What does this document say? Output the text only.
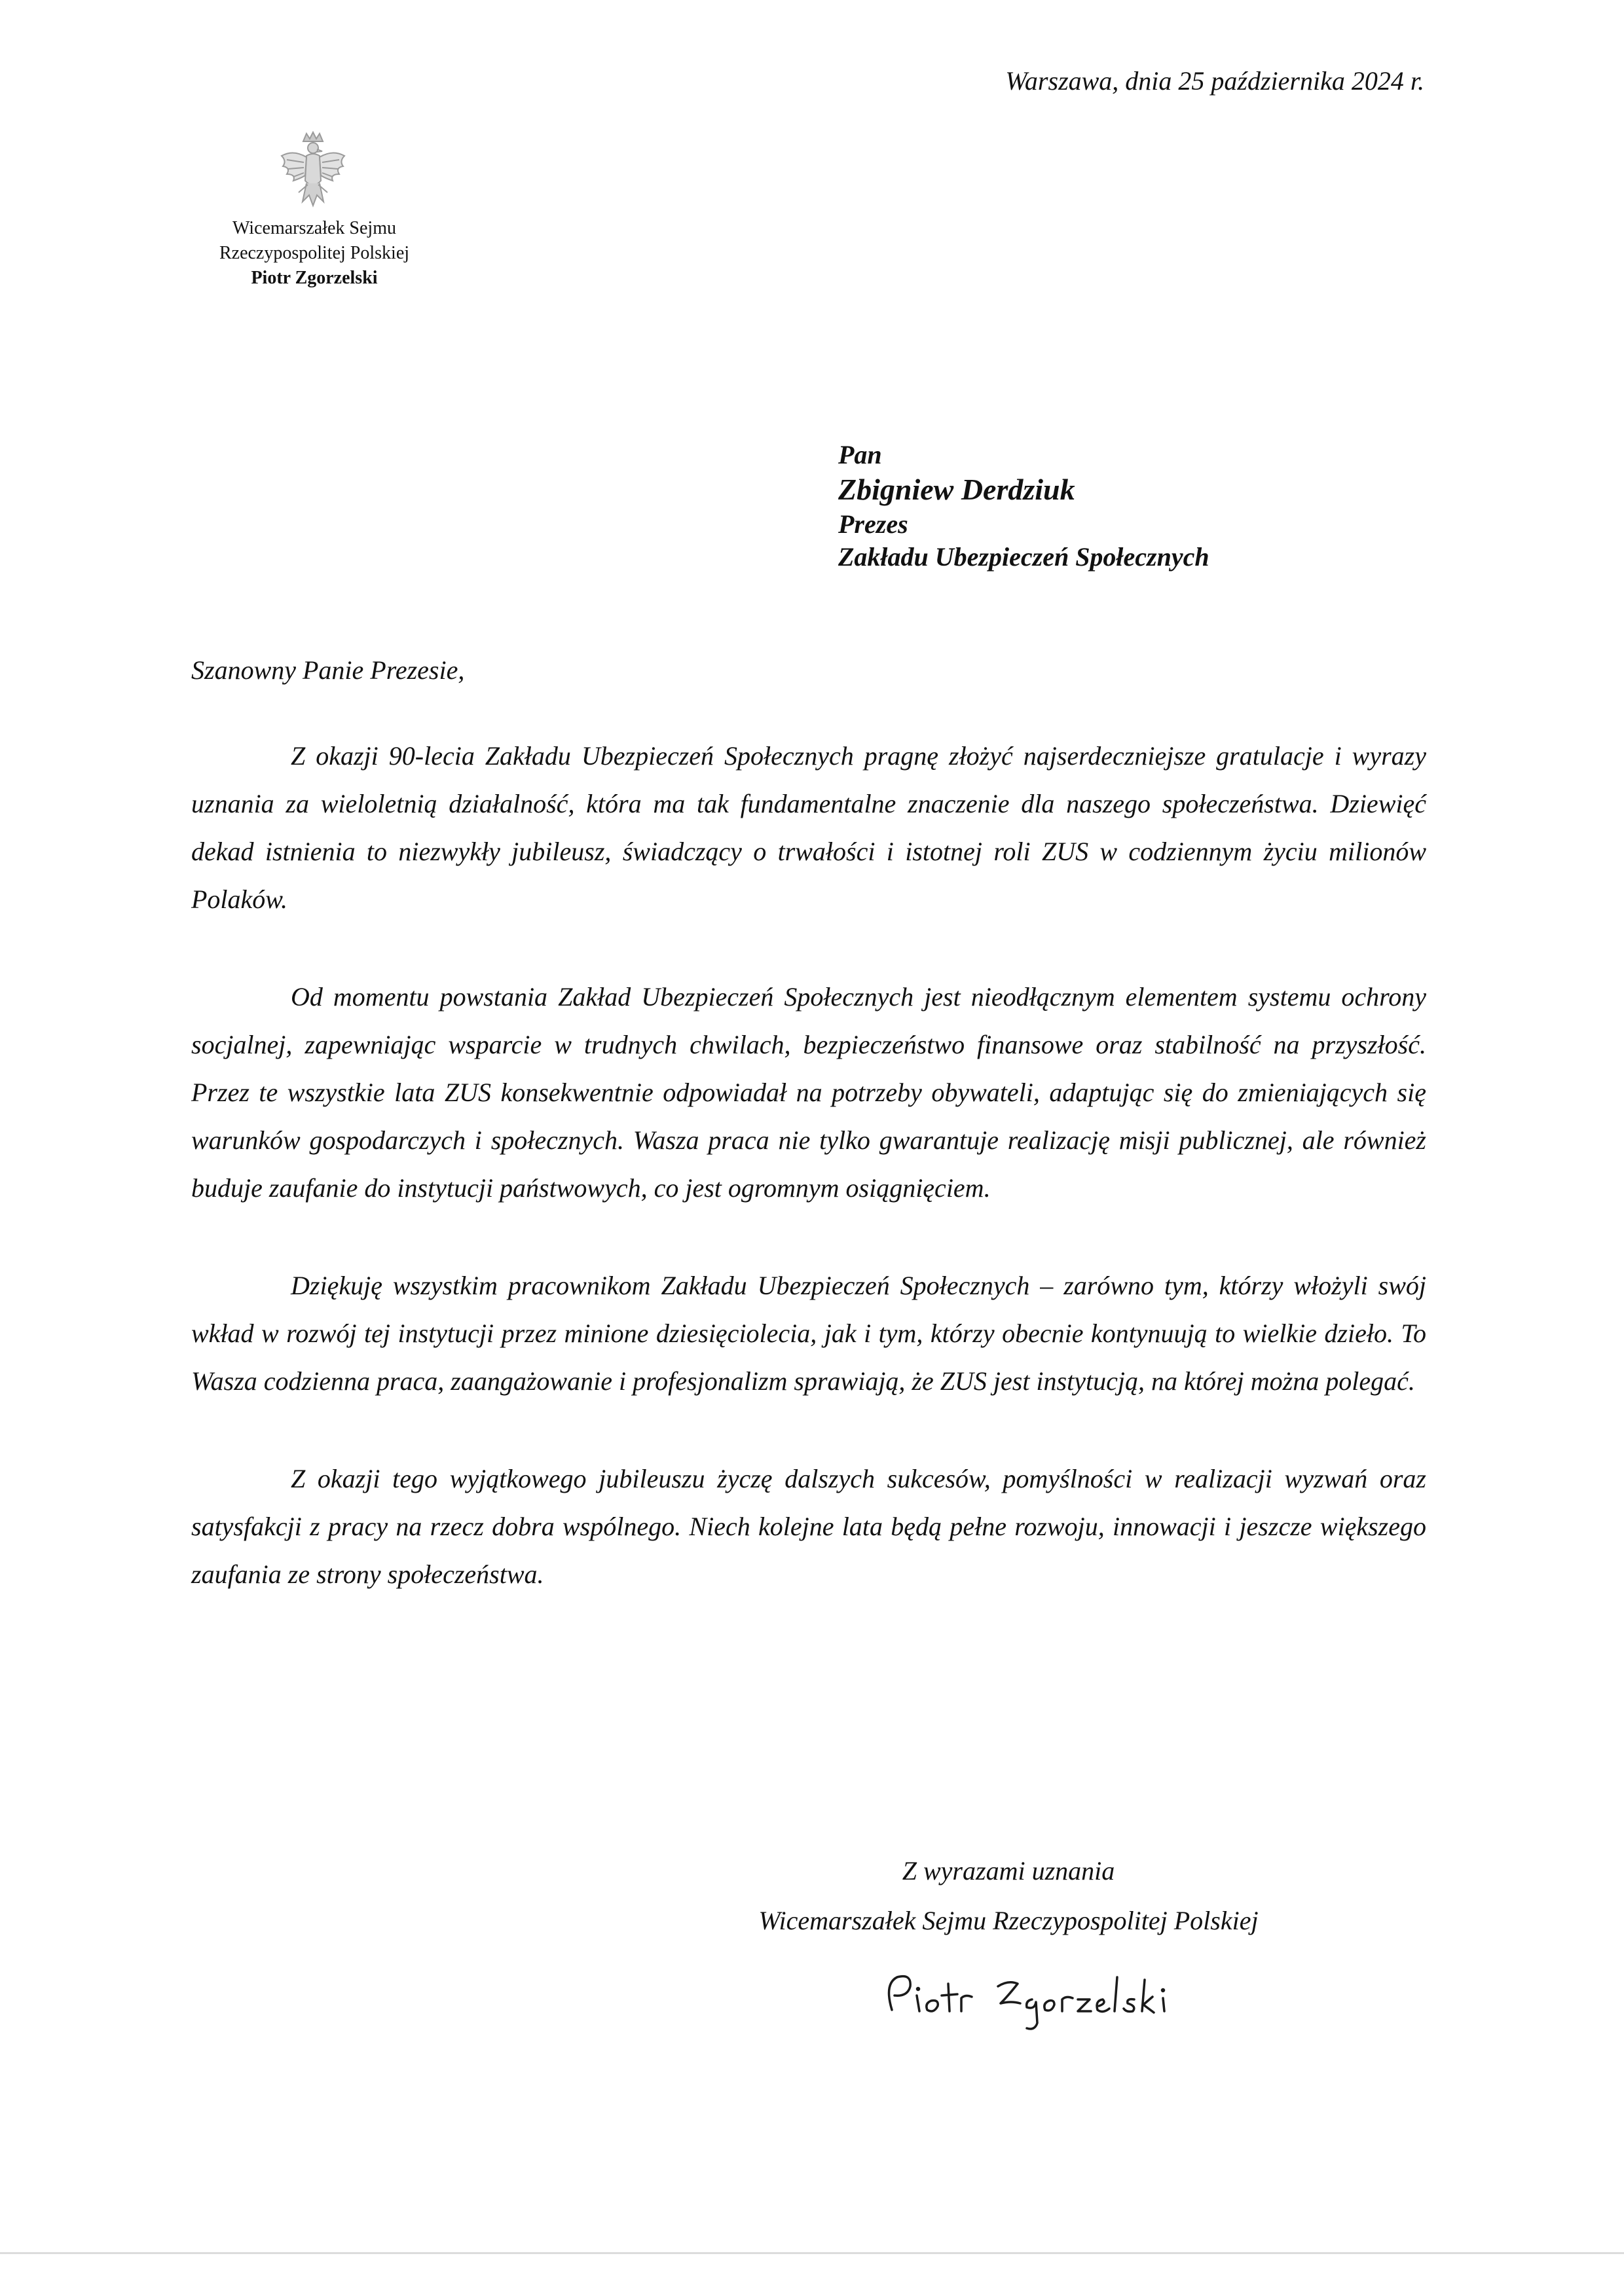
Warszawa, dnia 25 października 2024 r.
Wicemarszałek Sejmu
Rzeczypospolitej Polskiej
Piotr Zgorzelski
Pan
Zbigniew Derdziuk
Prezes
Zakładu Ubezpieczeń Społecznych
Szanowny Panie Prezesie,

Z okazji 90-lecia Zakładu Ubezpieczeń Społecznych pragnę złożyć najserdeczniejsze gratulacje i wyrazy uznania za wieloletnią działalność, która ma tak fundamentalne znaczenie dla naszego społeczeństwa. Dziewięć dekad istnienia to niezwykły jubileusz, świadczący o trwałości i istotnej roli ZUS w codziennym życiu milionów Polaków.

Od momentu powstania Zakład Ubezpieczeń Społecznych jest nieodłącznym elementem systemu ochrony socjalnej, zapewniając wsparcie w trudnych chwilach, bezpieczeństwo finansowe oraz stabilność na przyszłość. Przez te wszystkie lata ZUS konsekwentnie odpowiadał na potrzeby obywateli, adaptując się do zmieniających się warunków gospodarczych i społecznych. Wasza praca nie tylko gwarantuje realizację misji publicznej, ale również buduje zaufanie do instytucji państwowych, co jest ogromnym osiągnięciem.

Dziękuję wszystkim pracownikom Zakładu Ubezpieczeń Społecznych – zarówno tym, którzy włożyli swój wkład w rozwój tej instytucji przez minione dziesięciolecia, jak i tym, którzy obecnie kontynuują to wielkie dzieło. To Wasza codzienna praca, zaangażowanie i profesjonalizm sprawiają, że ZUS jest instytucją, na której można polegać.

Z okazji tego wyjątkowego jubileuszu życzę dalszych sukcesów, pomyślności w realizacji wyzwań oraz satysfakcji z pracy na rzecz dobra wspólnego. Niech kolejne lata będą pełne rozwoju, innowacji i jeszcze większego zaufania ze strony społeczeństwa.

Z wyrazami uznania
Wicemarszałek Sejmu Rzeczypospolitej Polskiej
